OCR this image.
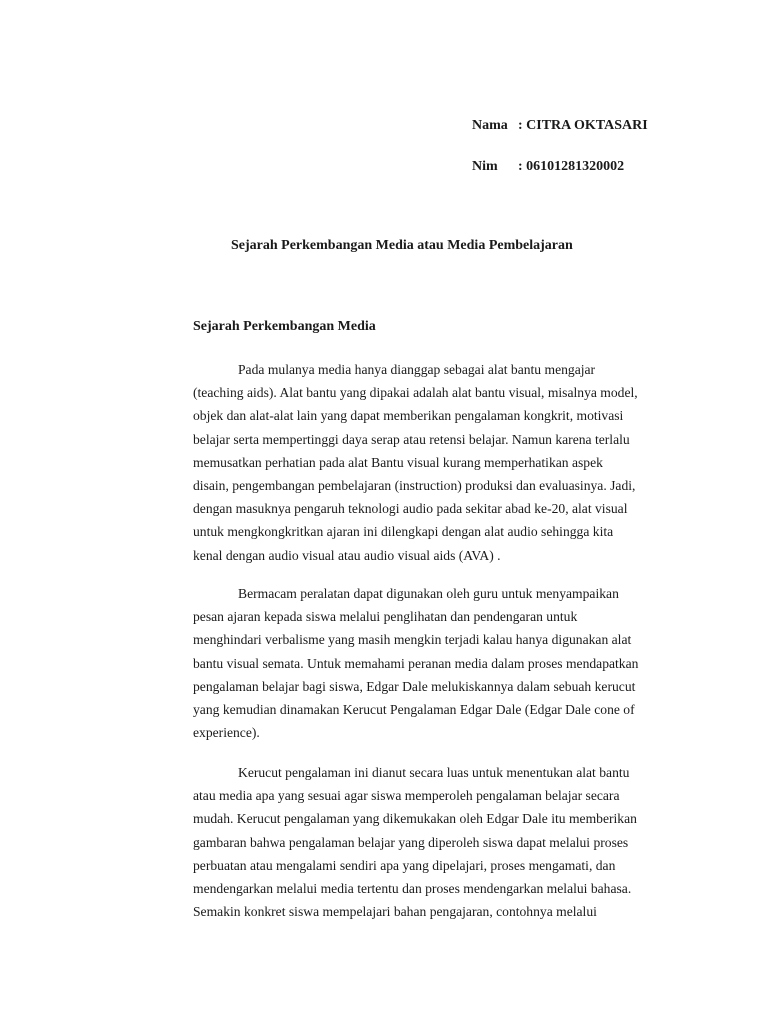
Nama : CITRA OKTASARI
Nim : 06101281320002
Sejarah Perkembangan Media atau Media Pembelajaran
Sejarah Perkembangan Media
Pada mulanya media hanya dianggap sebagai alat bantu mengajar
(teaching aids). Alat bantu yang dipakai adalah alat bantu visual, misalnya model,
objek dan alat-alat lain yang dapat memberikan pengalaman kongkrit, motivasi
belajar serta mempertinggi daya serap atau retensi belajar. Namun karena terlalu
memusatkan perhatian pada alat Bantu visual kurang memperhatikan aspek
disain, pengembangan pembelajaran (instruction) produksi dan evaluasinya. Jadi,
dengan masuknya pengaruh teknologi audio pada sekitar abad ke-20, alat visual
untuk mengkongkritkan ajaran ini dilengkapi dengan alat audio sehingga kita
kenal dengan audio visual atau audio visual aids (AVA) .
Bermacam peralatan dapat digunakan oleh guru untuk menyampaikan
pesan ajaran kepada siswa melalui penglihatan dan pendengaran untuk
menghindari verbalisme yang masih mengkin terjadi kalau hanya digunakan alat
bantu visual semata. Untuk memahami peranan media dalam proses mendapatkan
pengalaman belajar bagi siswa, Edgar Dale melukiskannya dalam sebuah kerucut
yang kemudian dinamakan Kerucut Pengalaman Edgar Dale (Edgar Dale cone of
experience).
Kerucut pengalaman ini dianut secara luas untuk menentukan alat bantu
atau media apa yang sesuai agar siswa memperoleh pengalaman belajar secara
mudah. Kerucut pengalaman yang dikemukakan oleh Edgar Dale itu memberikan
gambaran bahwa pengalaman belajar yang diperoleh siswa dapat melalui proses
perbuatan atau mengalami sendiri apa yang dipelajari, proses mengamati, dan
mendengarkan melalui media tertentu dan proses mendengarkan melalui bahasa.
Semakin konkret siswa mempelajari bahan pengajaran, contohnya melalui
